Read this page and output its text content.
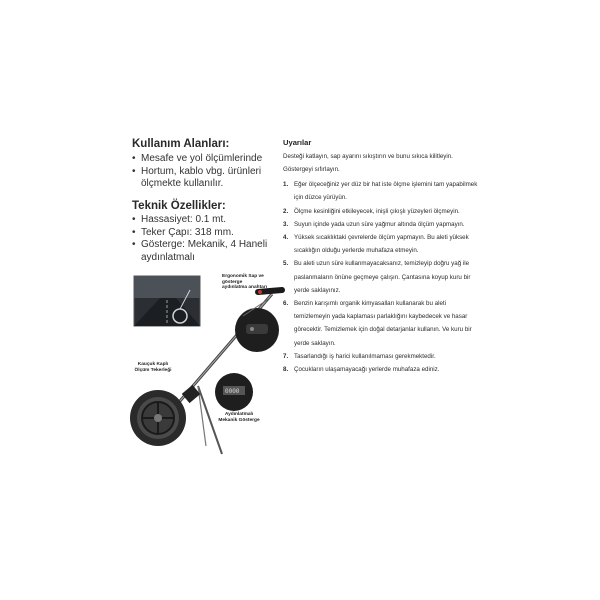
Kullanım Alanları:
• Mesafe ve yol ölçümlerinde
• Hortum, kablo vbg. ürünleri ölçmekte kullanılır.
Teknik Özellikler:
• Hassasiyet: 0.1 mt.
• Teker Çapı: 318 mm.
• Gösterge: Mekanik, 4 Haneli aydınlatmalı
0000
Ergonomik Sap ve gösterge aydınlatma anahtarı
Kauçuk Kaplı Ölçüm Tekerleği
Aydınlatmalı Mekanik Gösterge
Uyarılar
Desteği katlayın, sap ayarını sıkıştırın ve bunu sıkıca kilitleyin. Göstergeyi sıfırlayın.
1. Eğer ölçeceğiniz yer düz bir hat iste ölçme işlemini tam yapabilmek için düzce yürüyün.
2. Ölçme kesinliğini etkileyecek, inişli çıkışlı yüzeyleri ölçmeyin.
3. Suyun içinde yada uzun süre yağmur altında ölçüm yapmayın.
4. Yüksek sıcaklıktaki çevrelerde ölçüm yapmayın. Bu aleti yüksek sıcaklığın olduğu yerlerde muhafaza etmeyin.
5. Bu aleti uzun süre kullanmayacaksanız, temizleyip doğru yağ ile paslanmaların önüne geçmeye çalışın. Çantasına koyup kuru bir yerde saklayınız.
6. Benzin karışımlı organik kimyasalları kullanarak bu aleti temizlemeyin yada kaplaması parlaklığını kaybedecek ve hasar görecektir. Temizlemek için doğal detarjanlar kullanın. Ve kuru bir yerde saklayın.
7. Tasarlandığı iş harici kullanılmaması gerekmektedir.
8. Çocukların ulaşamayacağı yerlerde muhafaza ediniz.
